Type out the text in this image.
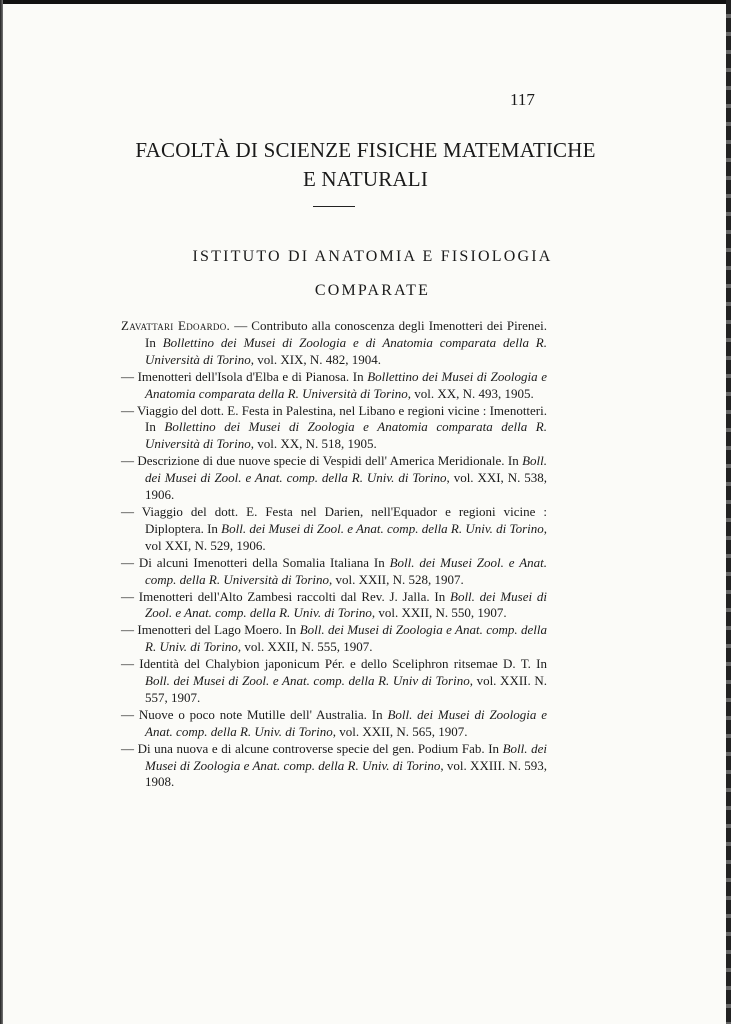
117
FACOLTÀ DI SCIENZE FISICHE MATEMATICHE
E NATURALI
ISTITUTO DI ANATOMIA E FISIOLOGIA
COMPARATE

Zavattari Edoardo. — Contributo alla conoscenza degli Imenotteri dei Pirenei. In Bollettino dei Musei di Zoologia e di Anatomia comparata della R. Università di Torino, vol. XIX, N. 482, 1904.

— Imenotteri dell'Isola d'Elba e di Pianosa. In Bollettino dei Musei di Zoologia e Anatomia comparata della R. Università di Torino, vol. XX, N. 493, 1905.

— Viaggio del dott. E. Festa in Palestina, nel Libano e regioni vicine : Imenotteri. In Bollettino dei Musei di Zoologia e Anatomia comparata della R. Università di Torino, vol. XX, N. 518, 1905.

— Descrizione di due nuove specie di Vespidi dell' America Meridionale. In Boll. dei Musei di Zool. e Anat. comp. della R. Univ. di Torino, vol. XXI, N. 538, 1906.

— Viaggio del dott. E. Festa nel Darien, nell'Equador e regioni vicine : Diploptera. In Boll. dei Musei di Zool. e Anat. comp. della R. Univ. di Torino, vol XXI, N. 529, 1906.

— Di alcuni Imenotteri della Somalia Italiana In Boll. dei Musei Zool. e Anat. comp. della R. Università di Torino, vol. XXII, N. 528, 1907.

— Imenotteri dell'Alto Zambesi raccolti dal Rev. J. Jalla. In Boll. dei Musei di Zool. e Anat. comp. della R. Univ. di Torino, vol. XXII, N. 550, 1907.

— Imenotteri del Lago Moero. In Boll. dei Musei di Zoologia e Anat. comp. della R. Univ. di Torino, vol. XXII, N. 555, 1907.

— Identità del Chalybion japonicum Pér. e dello Sceliphron ritsemae D. T. In Boll. dei Musei di Zool. e Anat. comp. della R. Univ di Torino, vol. XXII. N. 557, 1907.

— Nuove o poco note Mutille dell' Australia. In Boll. dei Musei di Zoologia e Anat. comp. della R. Univ. di Torino, vol. XXII, N. 565, 1907.

— Di una nuova e di alcune controverse specie del gen. Podium Fab. In Boll. dei Musei di Zoologia e Anat. comp. della R. Univ. di Torino, vol. XXIII. N. 593, 1908.
